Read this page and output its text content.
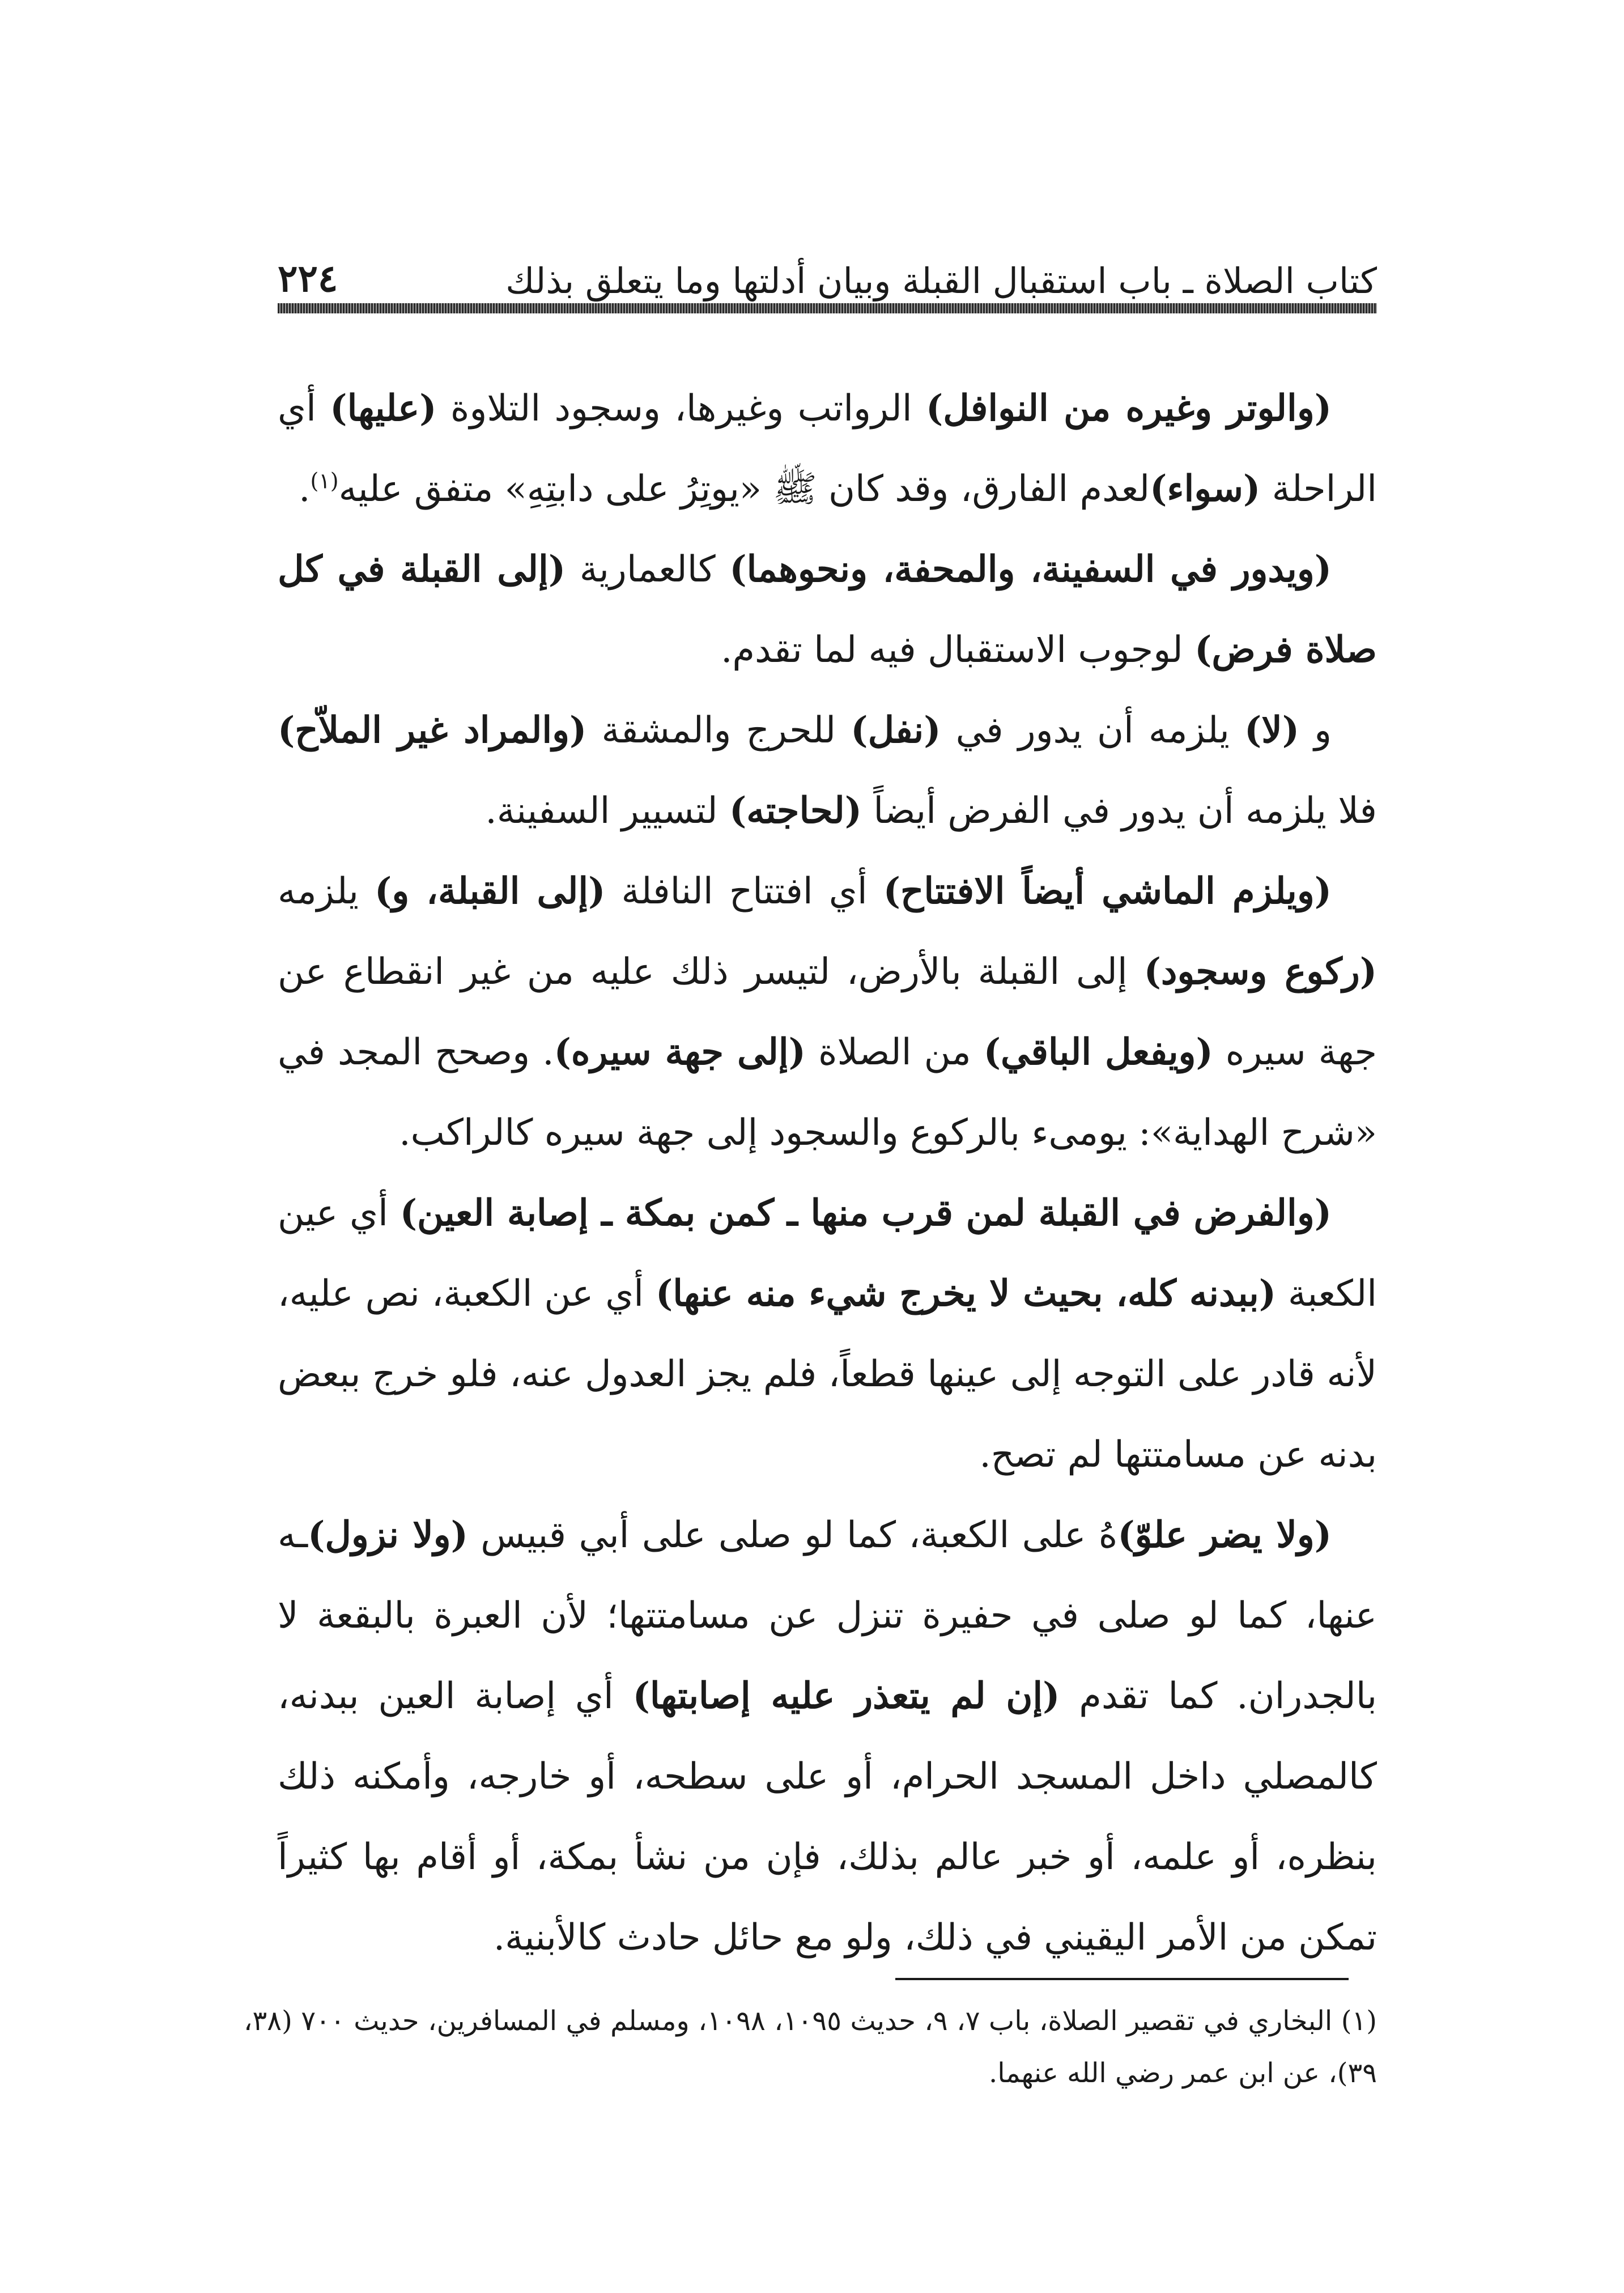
كتاب الصلاة ـ باب استقبال القبلة وبيان أدلتها وما يتعلق بذلك
٢٢٤

(والوتر وغيره من النوافل) الرواتب وغيرها، وسجود التلاوة (عليها) أي الراحلة (سواء)لعدم الفارق، وقد كان ﷺ «يوتِرُ على دابتِهِ» متفق عليه$^{(١)}$.

(ويدور في السفينة، والمحفة، ونحوهما) كالعمارية (إلى القبلة في كل صلاة فرض) لوجوب الاستقبال فيه لما تقدم.

و (لا) يلزمه أن يدور في (نفل) للحرج والمشقة (والمراد غير الملاّح) فلا يلزمه أن يدور في الفرض أيضاً (لحاجته) لتسيير السفينة.

(ويلزم الماشي أيضاً الافتتاح) أي افتتاح النافلة (إلى القبلة، و) يلزمه (ركوع وسجود) إلى القبلة بالأرض، لتيسر ذلك عليه من غير انقطاع عن جهة سيره (ويفعل الباقي) من الصلاة (إلى جهة سيره). وصحح المجد في «شرح الهداية»: يومىء بالركوع والسجود إلى جهة سيره كالراكب.

(والفرض في القبلة لمن قرب منها ـ كمن بمكة ـ إصابة العين) أي عين الكعبة (ببدنه كله، بحيث لا يخرج شيء منه عنها) أي عن الكعبة، نص عليه، لأنه قادر على التوجه إلى عينها قطعاً، فلم يجز العدول عنه، فلو خرج ببعض بدنه عن مسامتتها لم تصح.

(ولا يضر علوّ)هُ على الكعبة، كما لو صلى على أبي قبيس (ولا نزول)ـه عنها، كما لو صلى في حفيرة تنزل عن مسامتتها؛ لأن العبرة بالبقعة لا بالجدران. كما تقدم (إن لم يتعذر عليه إصابتها) أي إصابة العين ببدنه، كالمصلي داخل المسجد الحرام، أو على سطحه، أو خارجه، وأمكنه ذلك بنظره، أو علمه، أو خبر عالم بذلك، فإن من نشأ بمكة، أو أقام بها كثيراً تمكن من الأمر اليقيني في ذلك، ولو مع حائل حادث كالأبنية.

(١) البخاري في تقصير الصلاة، باب ٧، ٩، حديث ١٠٩٥، ١٠٩٨، ومسلم في المسافرين، حديث ٧٠٠ (٣٨، ٣٩)، عن ابن عمر رضي الله عنهما.
